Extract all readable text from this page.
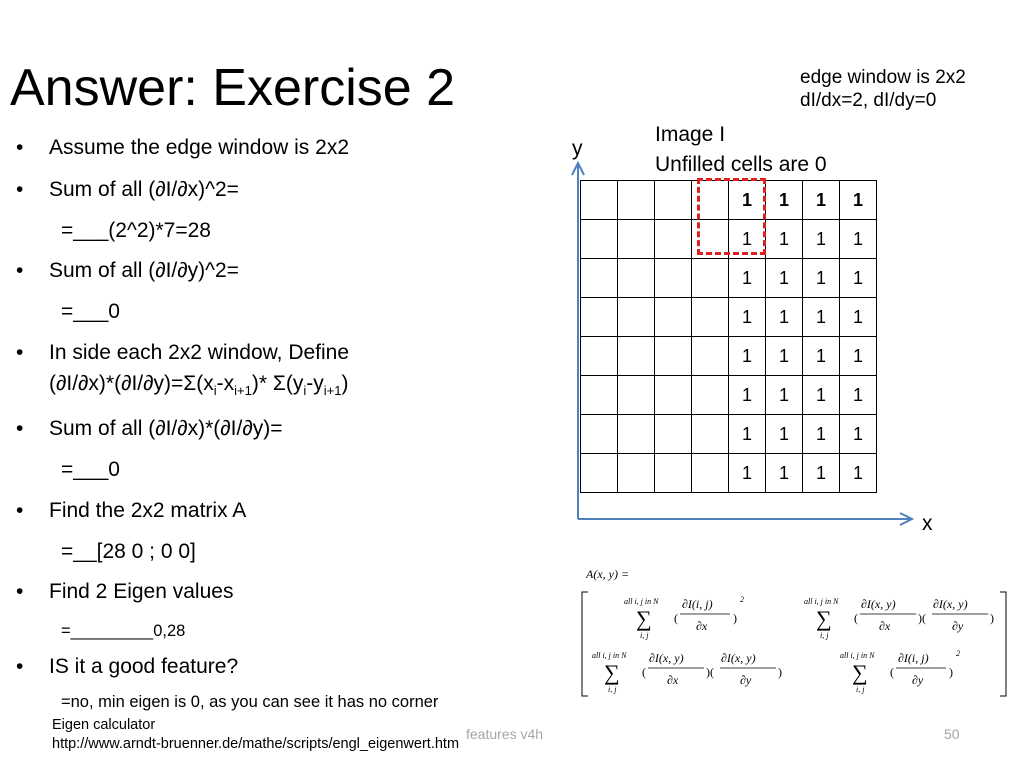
Answer: Exercise 2
• Assume the edge window is 2x2
• Sum of all (∂I/∂x)^2=
=___(2^2)*7=28
• Sum of all (∂I/∂y)^2=
=___0
• In side each 2x2 window, Define
$(\partial I/\partial x)*(\partial I/\partial y)=\Sigma(x_i-x_{i+1})*$ $\Sigma(y_i-y_{i+1})$
• Sum of all (∂I/∂x)*(∂I/∂y)=
=___0
• Find the 2x2 matrix A
=__[28 0 ; 0 0]
• Find 2 Eigen values
=_________0,28
• IS it a good feature?
=no, min eigen is 0, as you can see it has no corner
edge window is 2x2
dI/dx=2, dI/dy=0
Image I
Unfilled cells are 0
y
x
				1	1	1	1
				1	1	1	1
				1	1	1	1
				1	1	1	1
				1	1	1	1
				1	1	1	1
				1	1	1	1
				1	1	1	1
A(x, y) =
all i, j in N
∑
i, j
(
∂I(i, j)
∂x
)
2	all i, j in N
∑
i, j
(
∂I(x, y)
∂x
)(
∂I(x, y)
∂y
)
all i, j in N
∑
i, j
(
∂I(x, y)
∂x
)(
∂I(x, y)
∂y
)
all i, j in N
∑
i, j
(
∂I(i, j)
∂y
)
2
Eigen calculator
http://www.arndt-bruenner.de/mathe/scripts/engl_eigenwert.htm
features v4h	50
